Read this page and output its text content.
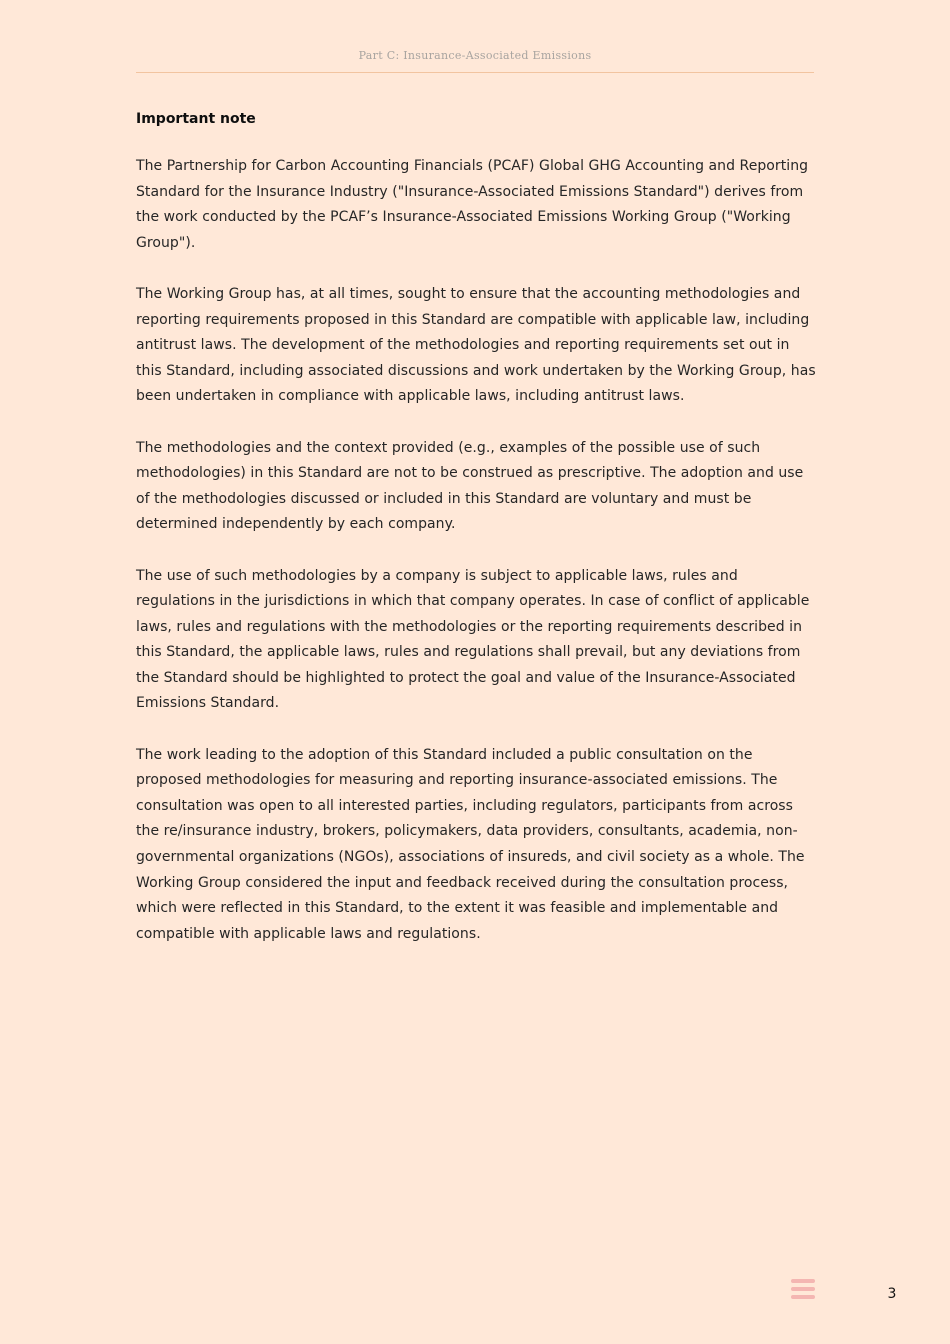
Part C: Insurance-Associated Emissions
Important note

The Partnership for Carbon Accounting Financials (PCAF) Global GHG Accounting and Reporting Standard for the Insurance Industry ("Insurance-Associated Emissions Standard") derives from the work conducted by the PCAF’s Insurance-Associated Emissions Working Group ("Working Group").

The Working Group has, at all times, sought to ensure that the accounting methodologies and reporting requirements proposed in this Standard are compatible with applicable law, including antitrust laws. The development of the methodologies and reporting requirements set out in this Standard, including associated discussions and work undertaken by the Working Group, has been undertaken in compliance with applicable laws, including antitrust laws.

The methodologies and the context provided (e.g., examples of the possible use of such methodologies) in this Standard are not to be construed as prescriptive. The adoption and use of the methodologies discussed or included in this Standard are voluntary and must be determined independently by each company.

The use of such methodologies by a company is subject to applicable laws, rules and regulations in the jurisdictions in which that company operates. In case of conflict of applicable laws, rules and regulations with the methodologies or the reporting requirements described in this Standard, the applicable laws, rules and regulations shall prevail, but any deviations from the Standard should be highlighted to protect the goal and value of the Insurance-Associated Emissions Standard.

The work leading to the adoption of this Standard included a public consultation on the proposed methodologies for measuring and reporting insurance-associated emissions. The consultation was open to all interested parties, including regulators, participants from across the re/insurance industry, brokers, policymakers, data providers, consultants, academia, non-governmental organizations (NGOs), associations of insureds, and civil society as a whole. The Working Group considered the input and feedback received during the consultation process, which were reflected in this Standard, to the extent it was feasible and implementable and compatible with applicable laws and regulations.

3
